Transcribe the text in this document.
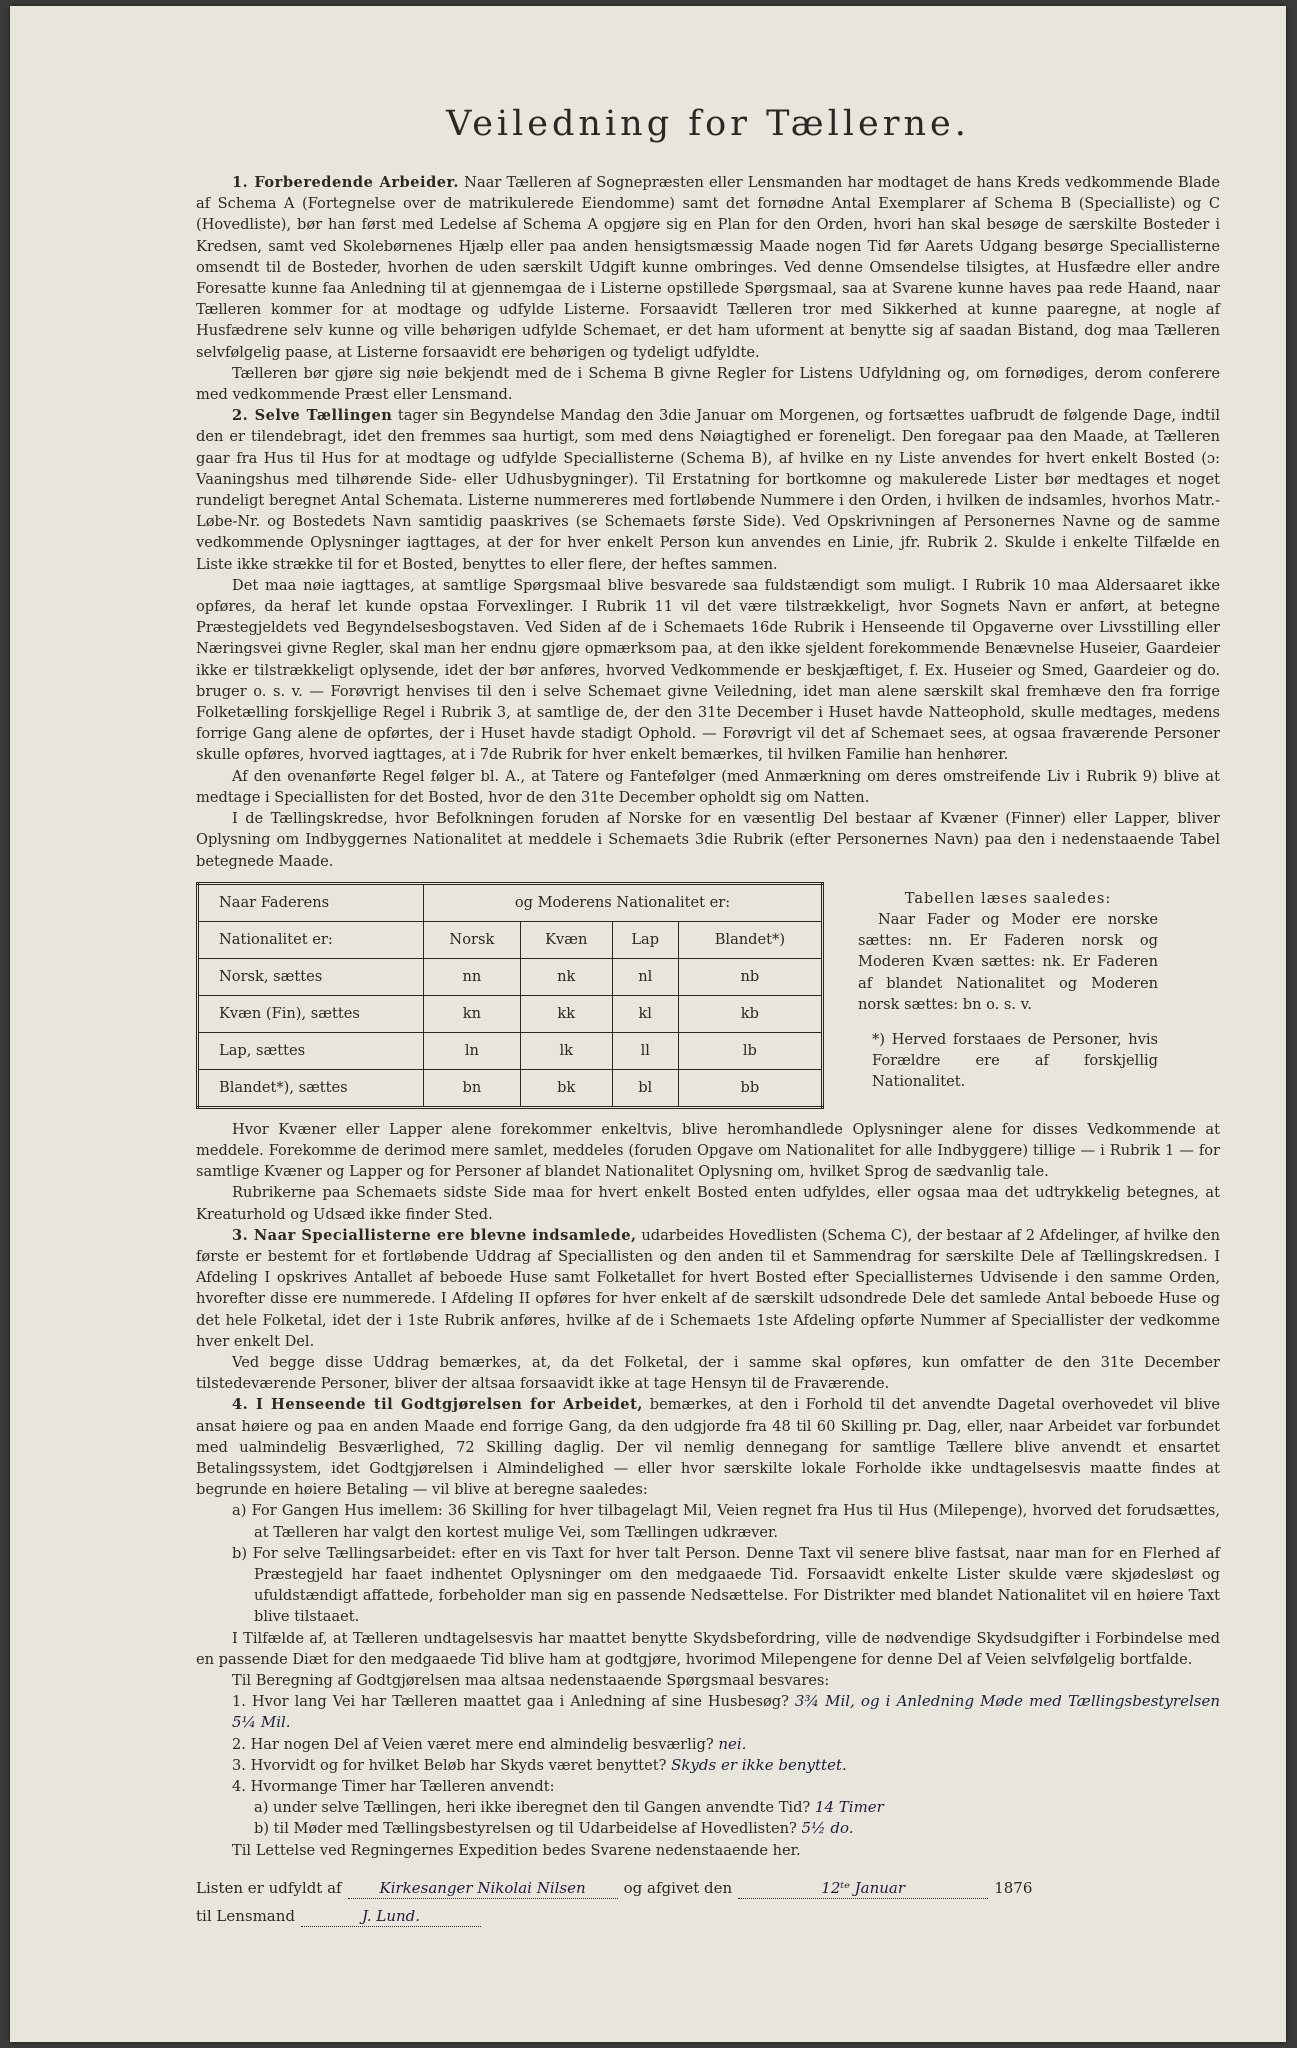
Veiledning for Tællerne.

1. Forberedende Arbeider. Naar Tælleren af Sognepræsten eller Lensmanden har modtaget de hans Kreds vedkommende Blade af Schema A (Fortegnelse over de matrikulerede Eiendomme) samt det fornødne Antal Exemplarer af Schema B (Specialliste) og C (Hovedliste), bør han først med Ledelse af Schema A opgjøre sig en Plan for den Orden, hvori han skal besøge de særskilte Bosteder i Kredsen, samt ved Skolebørnenes Hjælp eller paa anden hensigtsmæssig Maade nogen Tid før Aarets Udgang besørge Speciallisterne omsendt til de Bosteder, hvorhen de uden særskilt Udgift kunne ombringes. Ved denne Omsendelse tilsigtes, at Husfædre eller andre Foresatte kunne faa Anledning til at gjennemgaa de i Listerne opstillede Spørgsmaal, saa at Svarene kunne haves paa rede Haand, naar Tælleren kommer for at modtage og udfylde Listerne. Forsaavidt Tælleren tror med Sikkerhed at kunne paaregne, at nogle af Husfædrene selv kunne og ville behørigen udfylde Schemaet, er det ham uforment at benytte sig af saadan Bistand, dog maa Tælleren selvfølgelig paase, at Listerne forsaavidt ere behørigen og tydeligt udfyldte.

Tælleren bør gjøre sig nøie bekjendt med de i Schema B givne Regler for Listens Udfyldning og, om fornødiges, derom conferere med vedkommende Præst eller Lensmand.

2. Selve Tællingen tager sin Begyndelse Mandag den 3die Januar om Morgenen, og fortsættes uafbrudt de følgende Dage, indtil den er tilendebragt, idet den fremmes saa hurtigt, som med dens Nøiagtighed er foreneligt. Den foregaar paa den Maade, at Tælleren gaar fra Hus til Hus for at modtage og udfylde Speciallisterne (Schema B), af hvilke en ny Liste anvendes for hvert enkelt Bosted (ɔ: Vaaningshus med tilhørende Side- eller Udhusbygninger). Til Erstatning for bortkomne og makulerede Lister bør medtages et noget rundeligt beregnet Antal Schemata. Listerne nummereres med fortløbende Nummere i den Orden, i hvilken de indsamles, hvorhos Matr.-Løbe-Nr. og Bostedets Navn samtidig paaskrives (se Schemaets første Side). Ved Opskrivningen af Personernes Navne og de samme vedkommende Oplysninger iagttages, at der for hver enkelt Person kun anvendes en Linie, jfr. Rubrik 2. Skulde i enkelte Tilfælde en Liste ikke strække til for et Bosted, benyttes to eller flere, der heftes sammen.

Det maa nøie iagttages, at samtlige Spørgsmaal blive besvarede saa fuldstændigt som muligt. I Rubrik 10 maa Aldersaaret ikke opføres, da heraf let kunde opstaa Forvexlinger. I Rubrik 11 vil det være tilstrækkeligt, hvor Sognets Navn er anført, at betegne Præstegjeldets ved Begyndelsesbogstaven. Ved Siden af de i Schemaets 16de Rubrik i Henseende til Opgaverne over Livsstilling eller Næringsvei givne Regler, skal man her endnu gjøre opmærksom paa, at den ikke sjeldent forekommende Benævnelse Huseier, Gaardeier ikke er tilstrækkeligt oplysende, idet der bør anføres, hvorved Vedkommende er beskjæftiget, f. Ex. Huseier og Smed, Gaardeier og do. bruger o. s. v. — Forøvrigt henvises til den i selve Schemaet givne Veiledning, idet man alene særskilt skal fremhæve den fra forrige Folketælling forskjellige Regel i Rubrik 3, at samtlige de, der den 31te December i Huset havde Natteophold, skulle medtages, medens forrige Gang alene de opførtes, der i Huset havde stadigt Ophold. — Forøvrigt vil det af Schemaet sees, at ogsaa fraværende Personer skulle opføres, hvorved iagttages, at i 7de Rubrik for hver enkelt bemærkes, til hvilken Familie han henhører.

Af den ovenanførte Regel følger bl. A., at Tatere og Fantefølger (med Anmærkning om deres omstreifende Liv i Rubrik 9) blive at medtage i Speciallisten for det Bosted, hvor de den 31te December opholdt sig om Natten.

I de Tællingskredse, hvor Befolkningen foruden af Norske for en væsentlig Del bestaar af Kvæner (Finner) eller Lapper, bliver Oplysning om Indbyggernes Nationalitet at meddele i Schemaets 3die Rubrik (efter Personernes Navn) paa den i nedenstaaende Tabel betegnede Maade.

Naar Faderens	og Moderens Nationalitet er:			
Nationalitet er:	Norsk	Kvæn	Lap	Blandet*)
Norsk, sættes	nn	nk	nl	nb
Kvæn (Fin), sættes	kn	kk	kl	kb
Lap, sættes	ln	lk	ll	lb
Blandet*), sættes	bn	bk	bl	bb
Tabellen læses saaledes:

Naar Fader og Moder ere norske sættes: nn. Er Faderen norsk og Moderen Kvæn sættes: nk. Er Faderen af blandet Nationalitet og Moderen norsk sættes: bn o. s. v.

*) Herved forstaaes de Personer, hvis Forældre ere af forskjellig Nationalitet.

Hvor Kvæner eller Lapper alene forekommer enkeltvis, blive heromhandlede Oplysninger alene for disses Vedkommende at meddele. Forekomme de derimod mere samlet, meddeles (foruden Opgave om Nationalitet for alle Indbyggere) tillige — i Rubrik 1 — for samtlige Kvæner og Lapper og for Personer af blandet Nationalitet Oplysning om, hvilket Sprog de sædvanlig tale.

Rubrikerne paa Schemaets sidste Side maa for hvert enkelt Bosted enten udfyldes, eller ogsaa maa det udtrykkelig betegnes, at Kreaturhold og Udsæd ikke finder Sted.

3. Naar Speciallisterne ere blevne indsamlede, udarbeides Hovedlisten (Schema C), der bestaar af 2 Afdelinger, af hvilke den første er bestemt for et fortløbende Uddrag af Speciallisten og den anden til et Sammendrag for særskilte Dele af Tællingskredsen. I Afdeling I opskrives Antallet af beboede Huse samt Folketallet for hvert Bosted efter Speciallisternes Udvisende i den samme Orden, hvorefter disse ere nummerede. I Afdeling II opføres for hver enkelt af de særskilt udsondrede Dele det samlede Antal beboede Huse og det hele Folketal, idet der i 1ste Rubrik anføres, hvilke af de i Schemaets 1ste Afdeling opførte Nummer af Speciallister der vedkomme hver enkelt Del.

Ved begge disse Uddrag bemærkes, at, da det Folketal, der i samme skal opføres, kun omfatter de den 31te December tilstedeværende Personer, bliver der altsaa forsaavidt ikke at tage Hensyn til de Fraværende.

4. I Henseende til Godtgjørelsen for Arbeidet, bemærkes, at den i Forhold til det anvendte Dagetal overhovedet vil blive ansat høiere og paa en anden Maade end forrige Gang, da den udgjorde fra 48 til 60 Skilling pr. Dag, eller, naar Arbeidet var forbundet med ualmindelig Besværlighed, 72 Skilling daglig. Der vil nemlig dennegang for samtlige Tællere blive anvendt et ensartet Betalingssystem, idet Godtgjørelsen i Almindelighed — eller hvor særskilte lokale Forholde ikke undtagelsesvis maatte findes at begrunde en høiere Betaling — vil blive at beregne saaledes:

a) For Gangen Hus imellem: 36 Skilling for hver tilbagelagt Mil, Veien regnet fra Hus til Hus (Milepenge), hvorved det forudsættes, at Tælleren har valgt den kortest mulige Vei, som Tællingen udkræver.

b) For selve Tællingsarbeidet: efter en vis Taxt for hver talt Person. Denne Taxt vil senere blive fastsat, naar man for en Flerhed af Præstegjeld har faaet indhentet Oplysninger om den medgaaede Tid. Forsaavidt enkelte Lister skulde være skjødesløst og ufuldstændigt affattede, forbeholder man sig en passende Nedsættelse. For Distrikter med blandet Nationalitet vil en høiere Taxt blive tilstaaet.

I Tilfælde af, at Tælleren undtagelsesvis har maattet benytte Skydsbefordring, ville de nødvendige Skydsudgifter i Forbindelse med en passende Diæt for den medgaaede Tid blive ham at godtgjøre, hvorimod Milepengene for denne Del af Veien selvfølgelig bortfalde.

Til Beregning af Godtgjørelsen maa altsaa nedenstaaende Spørgsmaal besvares:

1. Hvor lang Vei har Tælleren maattet gaa i Anledning af sine Husbesøg? 3¾ Mil, og i Anledning Møde med Tællingsbestyrelsen 5¼ Mil.

2. Har nogen Del af Veien været mere end almindelig besværlig? nei.

3. Hvorvidt og for hvilket Beløb har Skyds været benyttet? Skyds er ikke benyttet.

4. Hvormange Timer har Tælleren anvendt:

a) under selve Tællingen, heri ikke iberegnet den til Gangen anvendte Tid? 14 Timer

b) til Møder med Tællingsbestyrelsen og til Udarbeidelse af Hovedlisten? 5½ do.

Til Lettelse ved Regningernes Expedition bedes Svarene nedenstaaende her.

Listen er udfyldt af	Kirkesanger Nikolai Nilsen	og afgivet den	12ᵗᵉ Januar	1876
til Lensmand	J. Lund.
